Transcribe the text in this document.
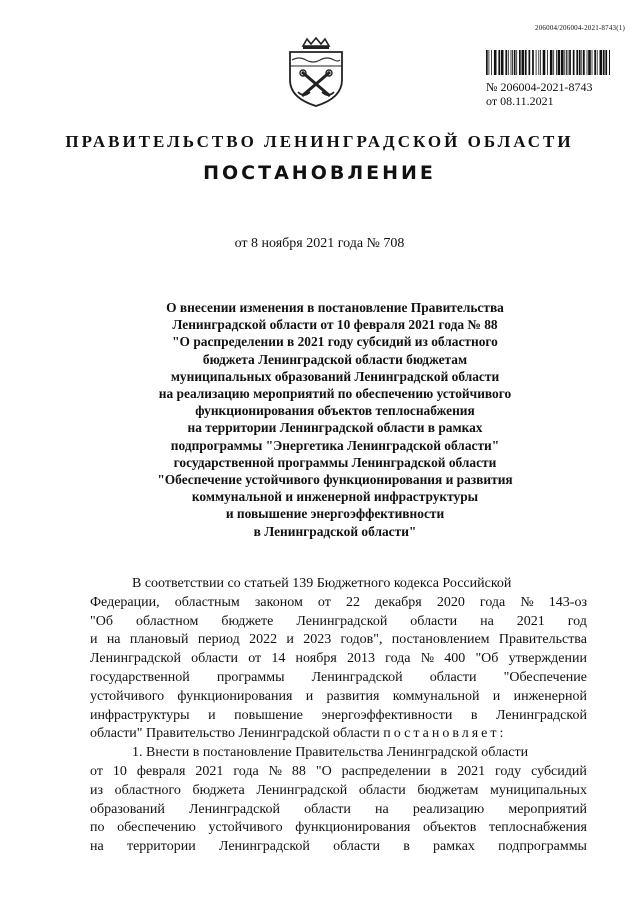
206004/206004-2021-8743(1)
№ 206004-2021-8743
от 08.11.2021
ПРАВИТЕЛЬСТВО ЛЕНИНГРАДСКОЙ ОБЛАСТИ
ПОСТАНОВЛЕНИЕ
от 8 ноября 2021 года № 708
О внесении изменения в постановление Правительства
Ленинградской области от 10 февраля 2021 года № 88
"О распределении в 2021 году субсидий из областного
бюджета Ленинградской области бюджетам
муниципальных образований Ленинградской области
на реализацию мероприятий по обеспечению устойчивого
функционирования объектов теплоснабжения
на территории Ленинградской области в рамках
подпрограммы "Энергетика Ленинградской области"
государственной программы Ленинградской области
"Обеспечение устойчивого функционирования и развития
коммунальной и инженерной инфраструктуры
и повышение энергоэффективности
в Ленинградской области"
В соответствии со статьей 139 Бюджетного кодекса Российской
Федерации, областным законом от 22 декабря 2020 года № 143-оз
"Об областном бюджете Ленинградской области на 2021 год
и на плановый период 2022 и 2023 годов", постановлением Правительства
Ленинградской области от 14 ноября 2013 года № 400 "Об утверждении
государственной программы Ленинградской области "Обеспечение
устойчивого функционирования и развития коммунальной и инженерной
инфраструктуры и повышение энергоэффективности в Ленинградской
области" Правительство Ленинградской области постановляет:
1. Внести в постановление Правительства Ленинградской области
от 10 февраля 2021 года № 88 "О распределении в 2021 году субсидий
из областного бюджета Ленинградской области бюджетам муниципальных
образований Ленинградской области на реализацию мероприятий
по обеспечению устойчивого функционирования объектов теплоснабжения
на территории Ленинградской области в рамках подпрограммы
